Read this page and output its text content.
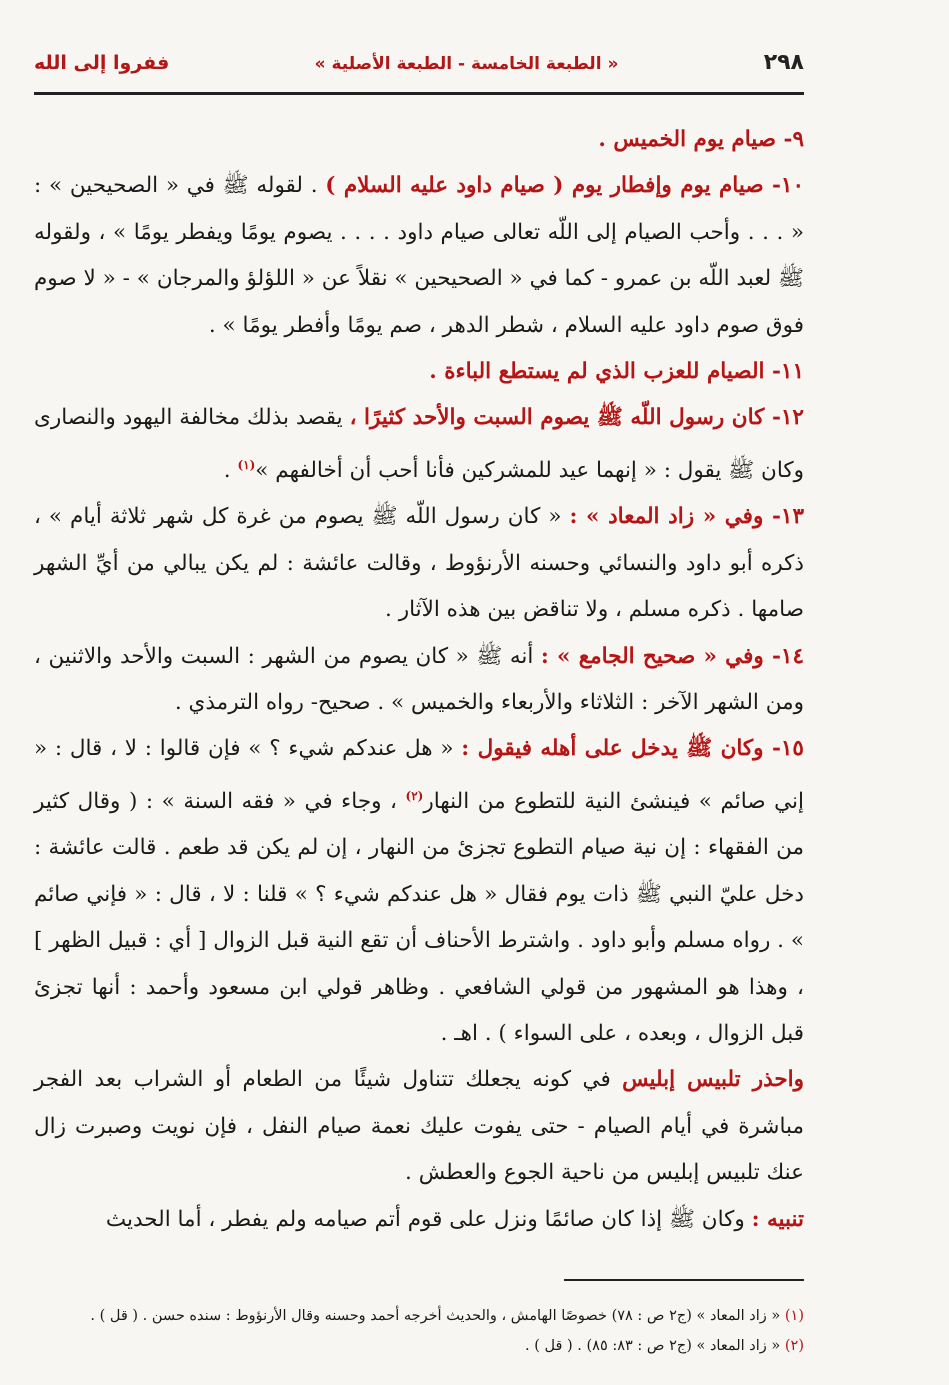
٢٩٨
« الطبعة الخامسة - الطبعة الأصلية »
ففروا إلى الله

٩- صيام يوم الخميس .

١٠- صيام يوم وإفطار يوم ( صيام داود عليه السلام ) . لقوله ﷺ في « الصحيحين » : « . . . وأحب الصيام إلى اللّه تعالى صيام داود . . . . يصوم يومًا ويفطر يومًا » ، ولقوله ﷺ لعبد اللّه بن عمرو - كما في « الصحيحين » نقلاً عن « اللؤلؤ والمرجان » - « لا صوم فوق صوم داود عليه السلام ، شطر الدهر ، صم يومًا وأفطر يومًا » .

١١- الصيام للعزب الذي لم يستطع الباءة .

١٢- كان رسول اللّه ﷺ يصوم السبت والأحد كثيرًا ، يقصد بذلك مخالفة اليهود والنصارى وكان ﷺ يقول : « إنهما عيد للمشركين فأنا أحب أن أخالفهم »$^{(١)}$ .

١٣- وفي « زاد المعاد » : « كان رسول اللّه ﷺ يصوم من غرة كل شهر ثلاثة أيام » ، ذكره أبو داود والنسائي وحسنه الأرنؤوط ، وقالت عائشة : لم يكن يبالي من أيِّ الشهر صامها . ذكره مسلم ، ولا تناقض بين هذه الآثار .

١٤- وفي « صحيح الجامع » : أنه ﷺ « كان يصوم من الشهر : السبت والأحد والاثنين ، ومن الشهر الآخر : الثلاثاء والأربعاء والخميس » . صحيح- رواه الترمذي .

١٥- وكان ﷺ يدخل على أهله فيقول : « هل عندكم شيء ؟ » فإن قالوا : لا ، قال : « إني صائم » فينشئ النية للتطوع من النهار$^{(٢)}$ ، وجاء في « فقه السنة » : ( وقال كثير من الفقهاء : إن نية صيام التطوع تجزئ من النهار ، إن لم يكن قد طعم . قالت عائشة : دخل عليّ النبي ﷺ ذات يوم فقال « هل عندكم شيء ؟ » قلنا : لا ، قال : « فإني صائم » . رواه مسلم وأبو داود . واشترط الأحناف أن تقع النية قبل الزوال [ أي : قبيل الظهر ] ، وهذا هو المشهور من قولي الشافعي . وظاهر قولي ابن مسعود وأحمد : أنها تجزئ قبل الزوال ، وبعده ، على السواء ) . اهـ .

واحذر تلبيس إبليس في كونه يجعلك تتناول شيئًا من الطعام أو الشراب بعد الفجر مباشرة في أيام الصيام - حتى يفوت عليك نعمة صيام النفل ، فإن نويت وصبرت زال عنك تلبيس إبليس من ناحية الجوع والعطش .

تنبيه : وكان ﷺ إذا كان صائمًا ونزل على قوم أتم صيامه ولم يفطر ، أما الحديث

(١) « زاد المعاد » (ج٢ ص : ٧٨) خصوصًا الهامش ، والحديث أخرجه أحمد وحسنه وقال الأرنؤوط : سنده حسن . ( قل ) .

(٢) « زاد المعاد » (ج٢ ص : ٨٣: ٨٥) . ( قل ) .
